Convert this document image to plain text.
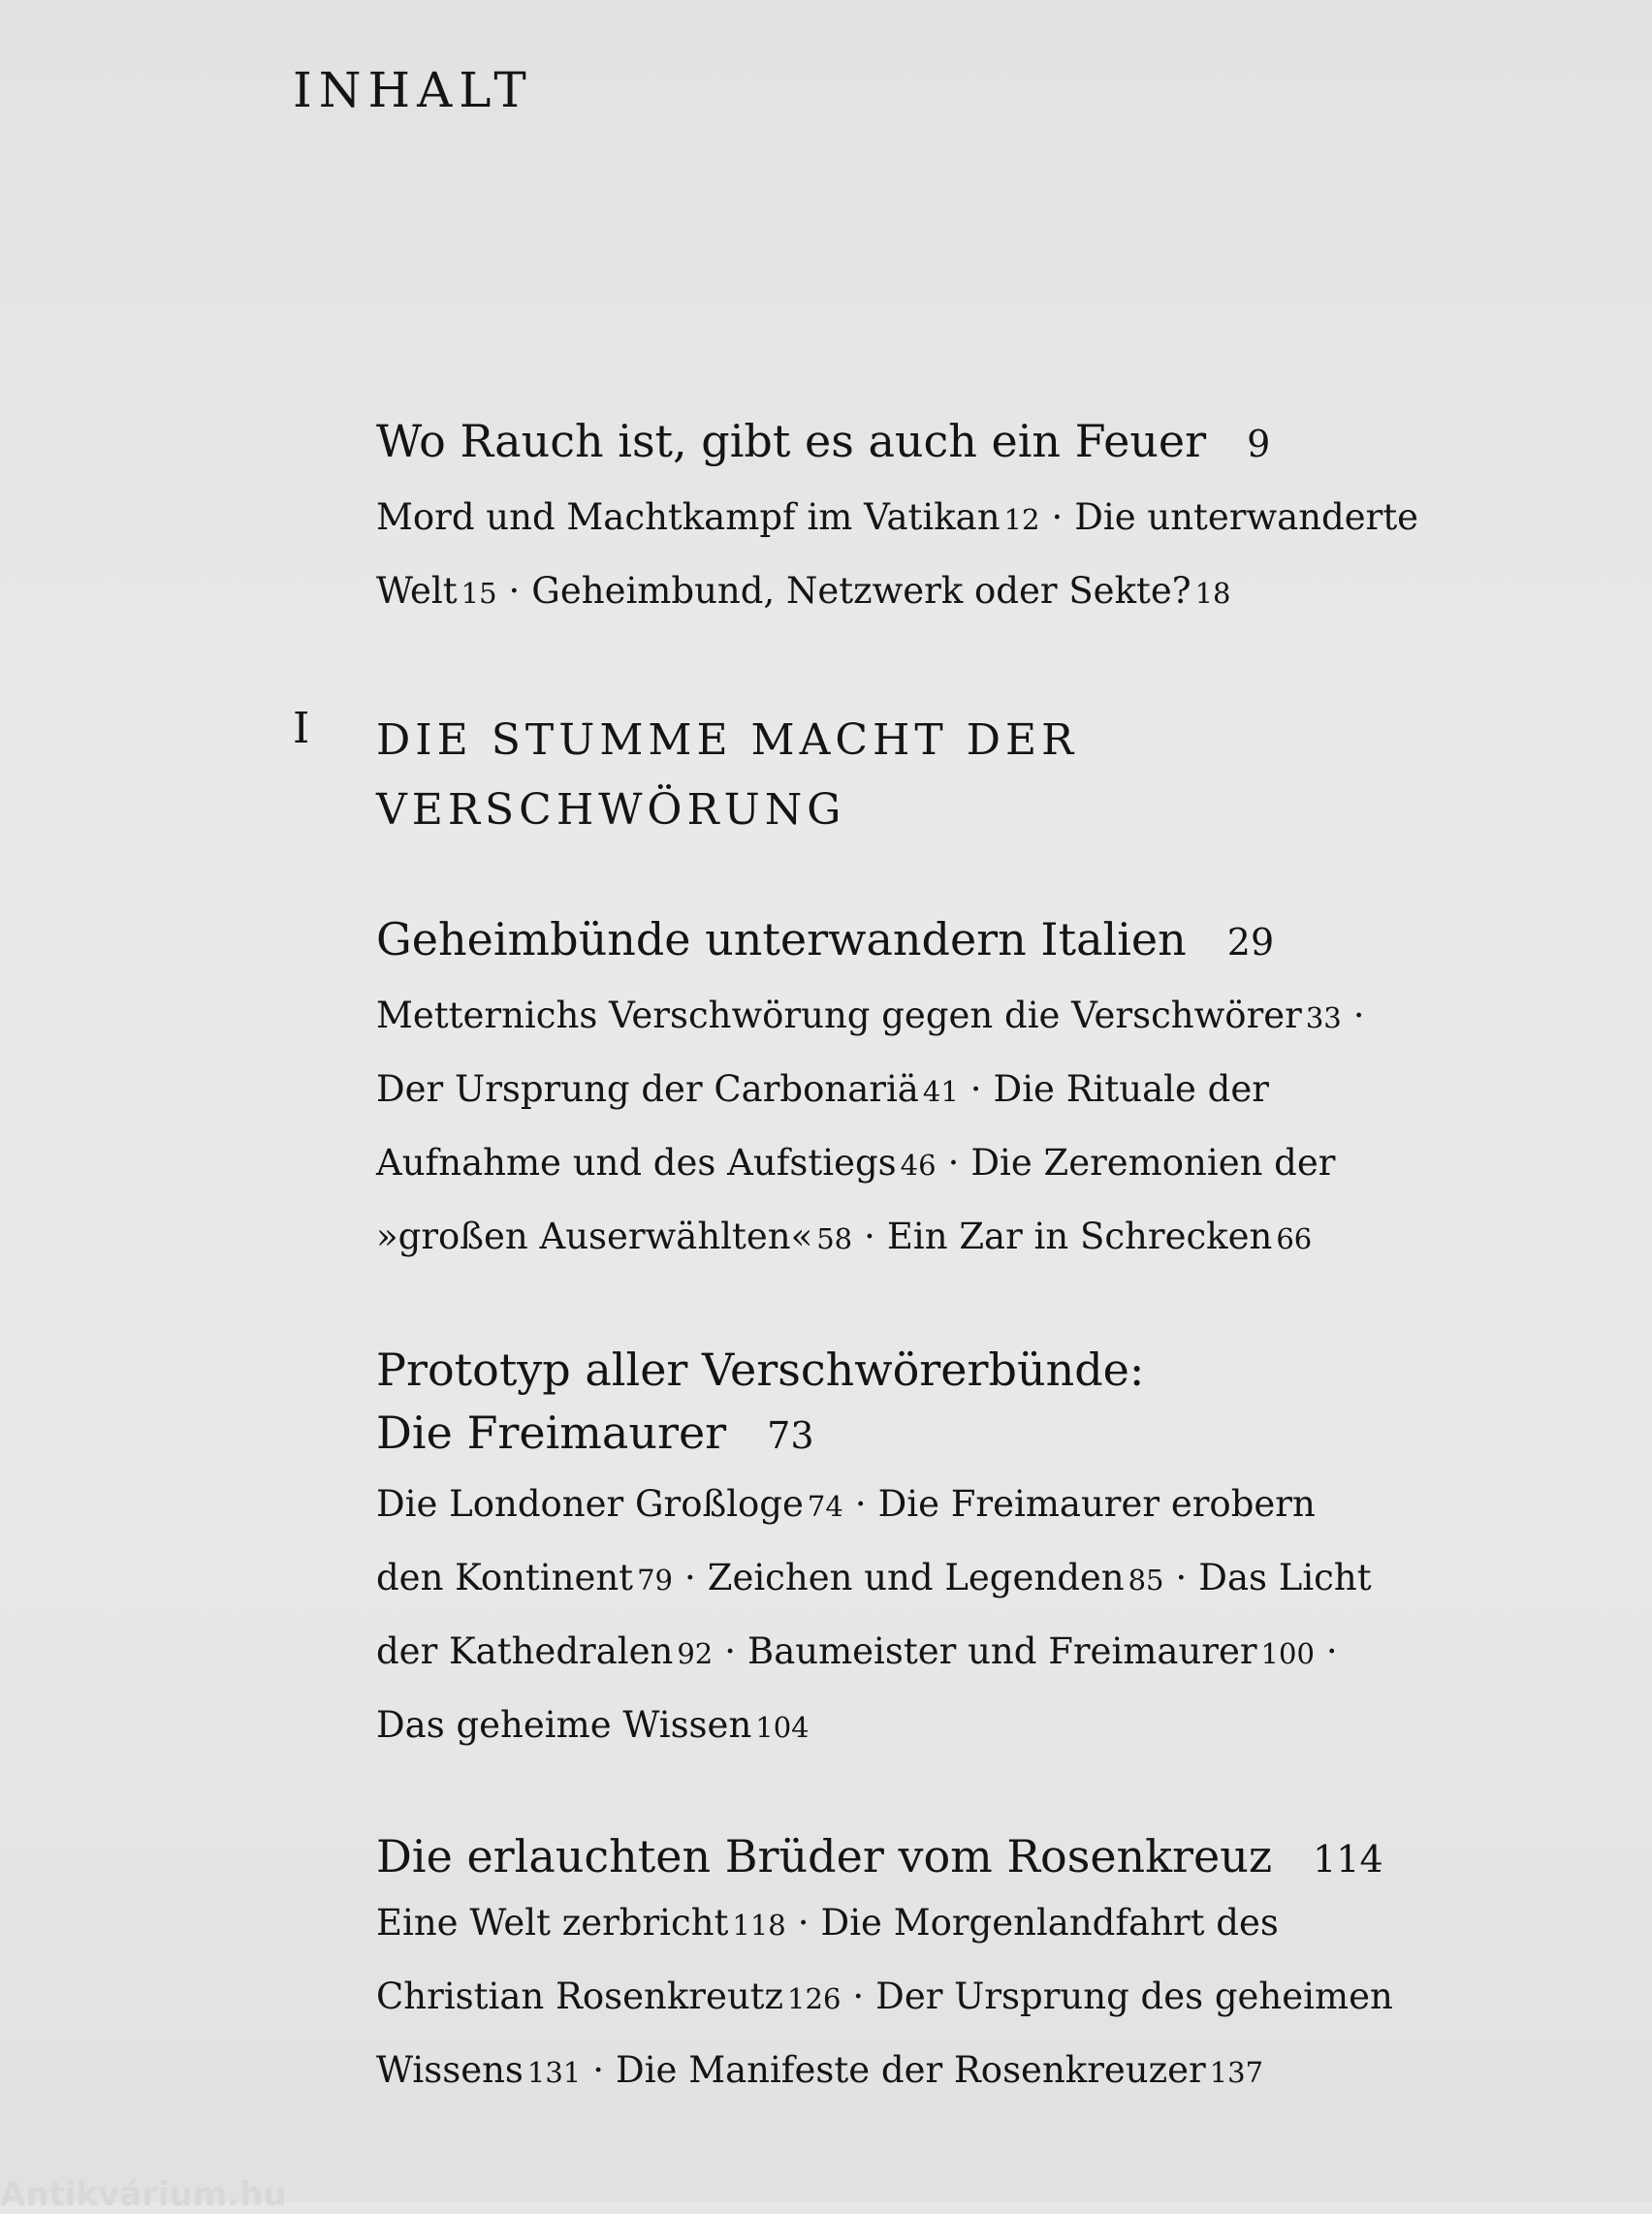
INHALT
Wo Rauch ist, gibt es auch ein Feuer 9
Mord und Machtkampf im Vatikan 12 · Die unterwanderte
Welt 15 · Geheimbund, Netzwerk oder Sekte? 18
I DIE STUMME MACHT DER
VERSCHWÖRUNG
Geheimbünde unterwandern Italien 29
Metternichs Verschwörung gegen die Verschwörer 33 ·
Der Ursprung der Carbonariä 41 · Die Rituale der
Aufnahme und des Aufstiegs 46 · Die Zeremonien der
»großen Auserwählten« 58 · Ein Zar in Schrecken 66
Prototyp aller Verschwörerbünde:
Die Freimaurer 73
Die Londoner Großloge 74 · Die Freimaurer erobern
den Kontinent 79 · Zeichen und Legenden 85 · Das Licht
der Kathedralen 92 · Baumeister und Freimaurer 100 ·
Das geheime Wissen 104
Die erlauchten Brüder vom Rosenkreuz 114
Eine Welt zerbricht 118 · Die Morgenlandfahrt des
Christian Rosenkreutz 126 · Der Ursprung des geheimen
Wissens 131 · Die Manifeste der Rosenkreuzer 137
Antikvárium.hu
